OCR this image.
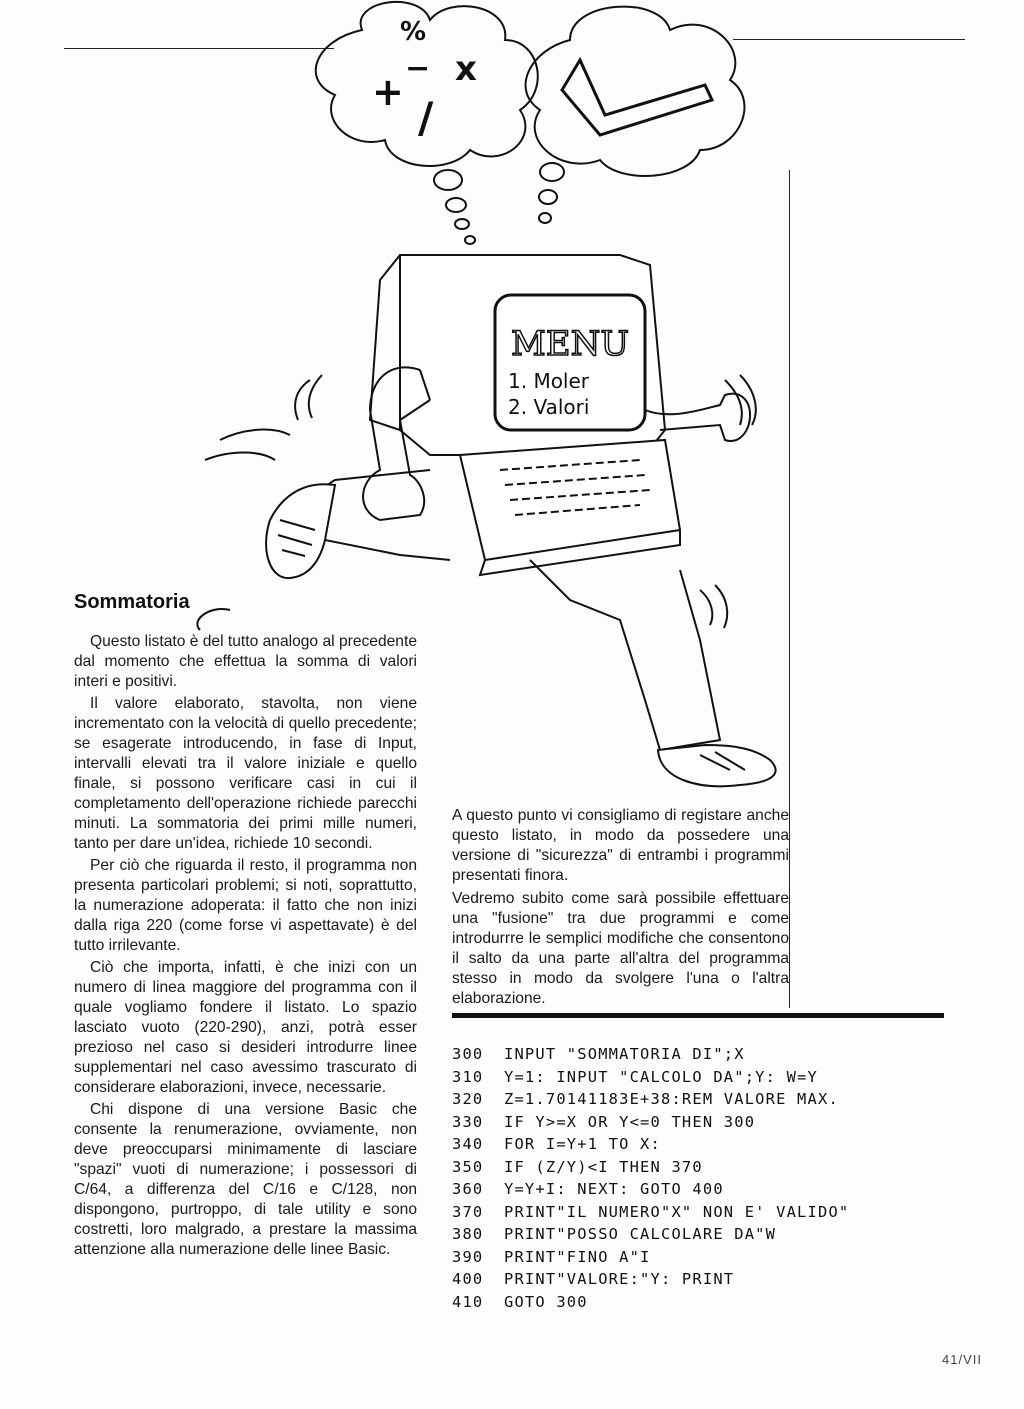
%
+
− x
/
MENU
1. Moler
2. Valori
Sommatoria

Questo listato è del tutto analogo al precedente dal momento che effettua la somma di valori interi e positivi.

Il valore elaborato, stavolta, non viene incrementato con la velocità di quello precedente; se esagerate introducendo, in fase di Input, intervalli elevati tra il valore iniziale e quello finale, si possono verificare casi in cui il completamento dell'operazione richiede parecchi minuti. La sommatoria dei primi mille numeri, tanto per dare un'idea, richiede 10 secondi.

Per ciò che riguarda il resto, il programma non presenta particolari problemi; si noti, soprattutto, la numerazione adoperata: il fatto che non inizi dalla riga 220 (come forse vi aspettavate) è del tutto irrilevante.

Ciò che importa, infatti, è che inizi con un numero di linea maggiore del programma con il quale vogliamo fondere il listato. Lo spazio lasciato vuoto (220-290), anzi, potrà esser prezioso nel caso si desideri introdurre linee supplementari nel caso avessimo trascurato di considerare elaborazioni, invece, necessarie.

Chi dispone di una versione Basic che consente la renumerazione, ovviamente, non deve preoccuparsi minimamente di lasciare "spazi" vuoti di numerazione; i possessori di C/64, a differenza del C/16 e C/128, non dispongono, purtroppo, di tale utility e sono costretti, loro malgrado, a prestare la massima attenzione alla numerazione delle linee Basic.

A questo punto vi consigliamo di registare anche questo listato, in modo da possedere una versione di "sicurezza" di entrambi i programmi presentati finora.

Vedremo subito come sarà possibile effettuare una "fusione" tra due programmi e come introdurrre le semplici modifiche che consentono il salto da una parte all'altra del programma stesso in modo da svolgere l'una o l'altra elaborazione.

300 INPUT "SOMMATORIA DI";X
310 Y=1: INPUT "CALCOLO DA";Y: W=Y
320 Z=1.70141183E+38:REM VALORE MAX.
330 IF Y>=X OR Y<=0 THEN 300
340 FOR I=Y+1 TO X:
350 IF (Z/Y)<I THEN 370
360 Y=Y+I: NEXT: GOTO 400
370 PRINT"IL NUMERO"X" NON E' VALIDO"
380 PRINT"POSSO CALCOLARE DA"W
390 PRINT"FINO A"I
400 PRINT"VALORE:"Y: PRINT
410 GOTO 300
41/VII
